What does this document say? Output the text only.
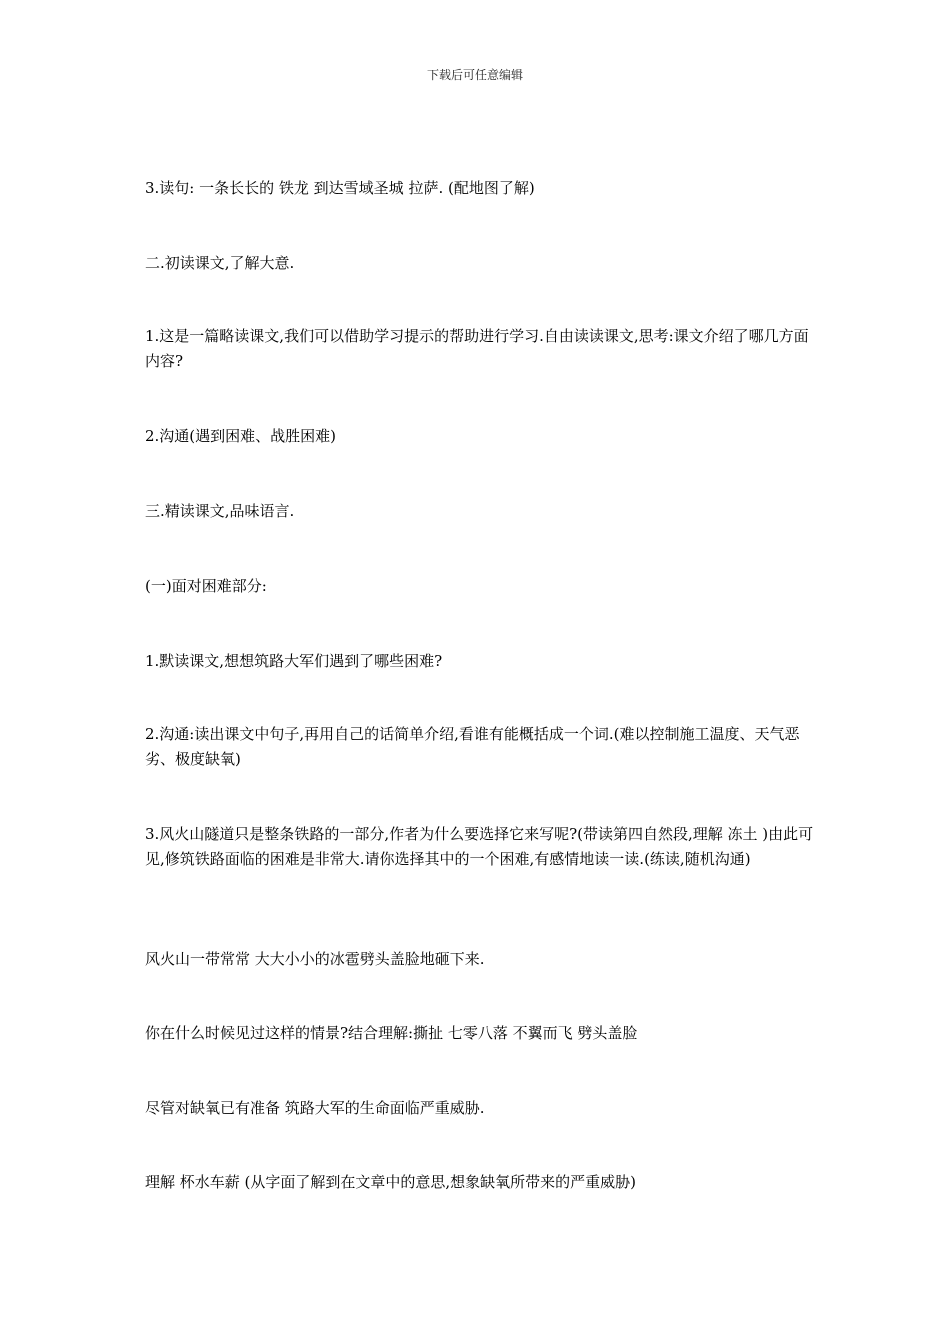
下载后可任意编辑

3.读句: 一条长长的 铁龙 到达雪域圣城 拉萨. (配地图了解)

二.初读课文,了解大意.

1.这是一篇略读课文,我们可以借助学习提示的帮助进行学习.自由读读课文,思考:课文介绍了哪几方面内容?

2.沟通(遇到困难、战胜困难)

三.精读课文,品味语言.

(一)面对困难部分:

1.默读课文,想想筑路大军们遇到了哪些困难?

2.沟通:读出课文中句子,再用自己的话简单介绍,看谁有能概括成一个词.(难以控制施工温度、天气恶劣、极度缺氧)

3.风火山隧道只是整条铁路的一部分,作者为什么要选择它来写呢?(带读第四自然段,理解 冻土 )由此可见,修筑铁路面临的困难是非常大.请你选择其中的一个困难,有感情地读一读.(练读,随机沟通)

风火山一带常常 大大小小的冰雹劈头盖脸地砸下来.

你在什么时候见过这样的情景?结合理解:撕扯 七零八落 不翼而飞 劈头盖脸

尽管对缺氧已有准备 筑路大军的生命面临严重威胁.

理解 杯水车薪 (从字面了解到在文章中的意思,想象缺氧所带来的严重威胁)
